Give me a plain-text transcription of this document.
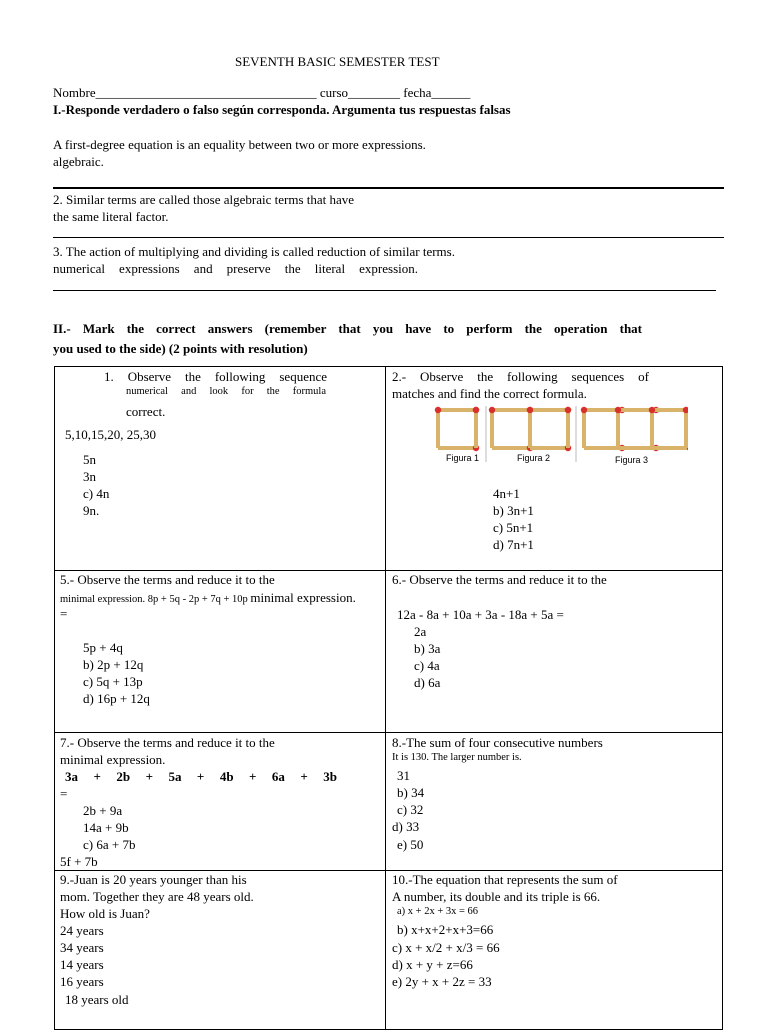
SEVENTH BASIC SEMESTER TEST
Nombre__________________________________ curso________ fecha______
I.-Responde verdadero o falso según corresponda. Argumenta tus respuestas falsas
A first-degree equation is an equality between two or more expressions.
algebraic.
2. Similar terms are called those algebraic terms that have
the same literal factor.
3. The action of multiplying and dividing is called reduction of similar terms.
numerical expressions and preserve the literal expression.
II.- Mark the correct answers (remember that you have to perform the operation that
you used to the side) (2 points with resolution)
1. Observe the following sequence
numerical and look for the formula
correct.
5,10,15,20, 25,30
5n
3n
c) 4n
9n.
2.- Observe the following sequences of
matches and find the correct formula.
Figura 1	Figura 2	Figura 3
4n+1
b) 3n+1
c) 5n+1
d) 7n+1
5.- Observe the terms and reduce it to the
minimal expression. 8p + 5q - 2p + 7q + 10p minimal expression.
=
5p + 4q
b) 2p + 12q
c) 5q + 13p
d) 16p + 12q
6.- Observe the terms and reduce it to the
12a - 8a + 10a + 3a - 18a + 5a =
2a
b) 3a
c) 4a
d) 6a
7.- Observe the terms and reduce it to the
minimal expression.
3a + 2b + 5a + 4b + 6a + 3b
=
2b + 9a
14a + 9b
c) 6a + 7b
5f + 7b
8.-The sum of four consecutive numbers
It is 130. The larger number is.
31
b) 34
c) 32
d) 33
e) 50
9.-Juan is 20 years younger than his
mom. Together they are 48 years old.
How old is Juan?
24 years
34 years
14 years
16 years
18 years old
10.-The equation that represents the sum of
A number, its double and its triple is 66.
a) x + 2x + 3x = 66
b) x+x+2+x+3=66
c) x + x/2 + x/3 = 66
d) x + y + z=66
e) 2y + x + 2z = 33
